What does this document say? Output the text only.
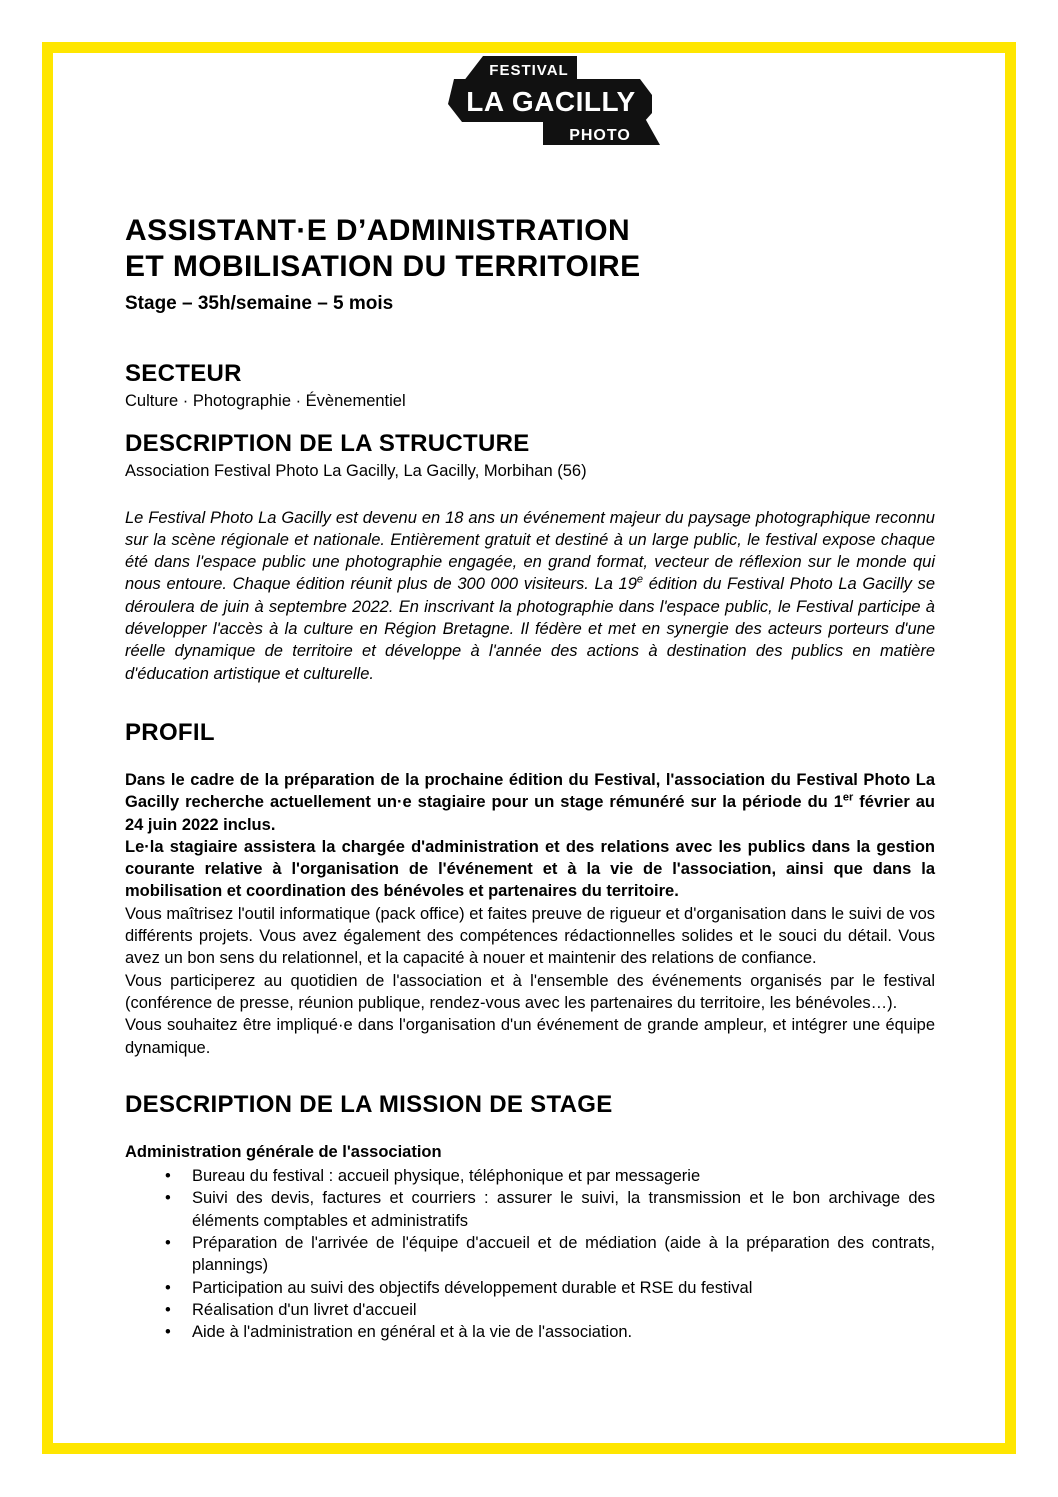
FESTIVAL
LA GACILLY
PHOTO
ASSISTANT·E D’ADMINISTRATION
ET MOBILISATION DU TERRITOIRE
Stage – 35h/semaine – 5 mois
SECTEUR

Culture · Photographie · Évènementiel

DESCRIPTION DE LA STRUCTURE

Association Festival Photo La Gacilly, La Gacilly, Morbihan (56)

Le Festival Photo La Gacilly est devenu en 18 ans un événement majeur du paysage photographique reconnu sur la scène régionale et nationale. Entièrement gratuit et destiné à un large public, le festival expose chaque été dans l'espace public une photographie engagée, en grand format, vecteur de réflexion sur le monde qui nous entoure. Chaque édition réunit plus de 300 000 visiteurs. La 19e édition du Festival Photo La Gacilly se déroulera de juin à septembre 2022. En inscrivant la photographie dans l'espace public, le Festival participe à développer l'accès à la culture en Région Bretagne. Il fédère et met en synergie des acteurs porteurs d'une réelle dynamique de territoire et développe à l'année des actions à destination des publics en matière d'éducation artistique et culturelle.

PROFIL

Dans le cadre de la préparation de la prochaine édition du Festival, l'association du Festival Photo La Gacilly recherche actuellement un·e stagiaire pour un stage rémunéré sur la période du 1er février au 24 juin 2022 inclus.

Le·la stagiaire assistera la chargée d'administration et des relations avec les publics dans la gestion courante relative à l'organisation de l'événement et à la vie de l'association, ainsi que dans la mobilisation et coordination des bénévoles et partenaires du territoire.

Vous maîtrisez l'outil informatique (pack office) et faites preuve de rigueur et d'organisation dans le suivi de vos différents projets. Vous avez également des compétences rédactionnelles solides et le souci du détail. Vous avez un bon sens du relationnel, et la capacité à nouer et maintenir des relations de confiance.

Vous participerez au quotidien de l'association et à l'ensemble des événements organisés par le festival (conférence de presse, réunion publique, rendez-vous avec les partenaires du territoire, les bénévoles…).

Vous souhaitez être impliqué·e dans l'organisation d'un événement de grande ampleur, et intégrer une équipe dynamique.

DESCRIPTION DE LA MISSION DE STAGE

Administration générale de l'association

• Bureau du festival : accueil physique, téléphonique et par messagerie
• Suivi des devis, factures et courriers : assurer le suivi, la transmission et le bon archivage des éléments comptables et administratifs
• Préparation de l'arrivée de l'équipe d'accueil et de médiation (aide à la préparation des contrats, plannings)
• Participation au suivi des objectifs développement durable et RSE du festival
• Réalisation d'un livret d'accueil
• Aide à l'administration en général et à la vie de l'association.
